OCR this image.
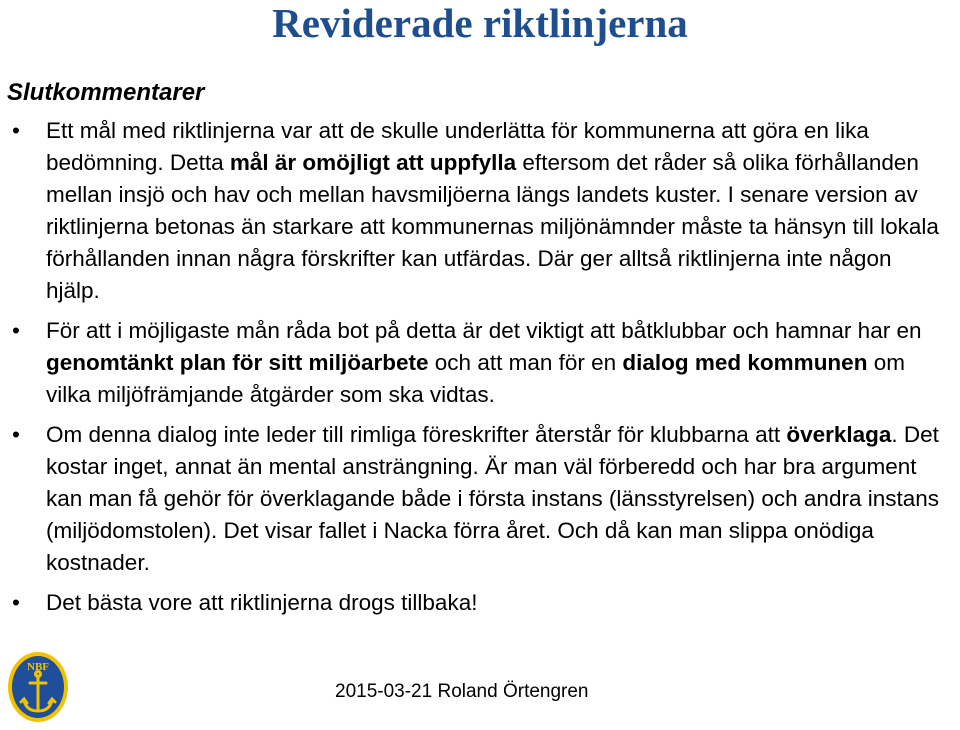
Reviderade riktlinjerna
Slutkommentarer
• Ett mål med riktlinjerna var att de skulle underlätta för kommunerna att göra en lika bedömning. Detta mål är omöjligt att uppfylla eftersom det råder så olika förhållanden mellan insjö och hav och mellan havsmiljöerna längs landets kuster. I senare version av riktlinjerna betonas än starkare att kommunernas miljönämnder måste ta hänsyn till lokala förhållanden innan några förskrifter kan utfärdas. Där ger alltså riktlinjerna inte någon hjälp.
• För att i möjligaste mån råda bot på detta är det viktigt att båtklubbar och hamnar har en genomtänkt plan för sitt miljöarbete och att man för en dialog med kommunen om vilka miljöfrämjande åtgärder som ska vidtas.
• Om denna dialog inte leder till rimliga föreskrifter återstår för klubbarna att överklaga. Det kostar inget, annat än mental ansträngning. Är man väl förberedd och har bra argument kan man få gehör för överklagande både i första instans (länsstyrelsen) och andra instans (miljödomstolen). Det visar fallet i Nacka förra året. Och då kan man slippa onödiga kostnader.
• Det bästa vore att riktlinjerna drogs tillbaka!
NBF
2015-03-21 Roland Örtengren
